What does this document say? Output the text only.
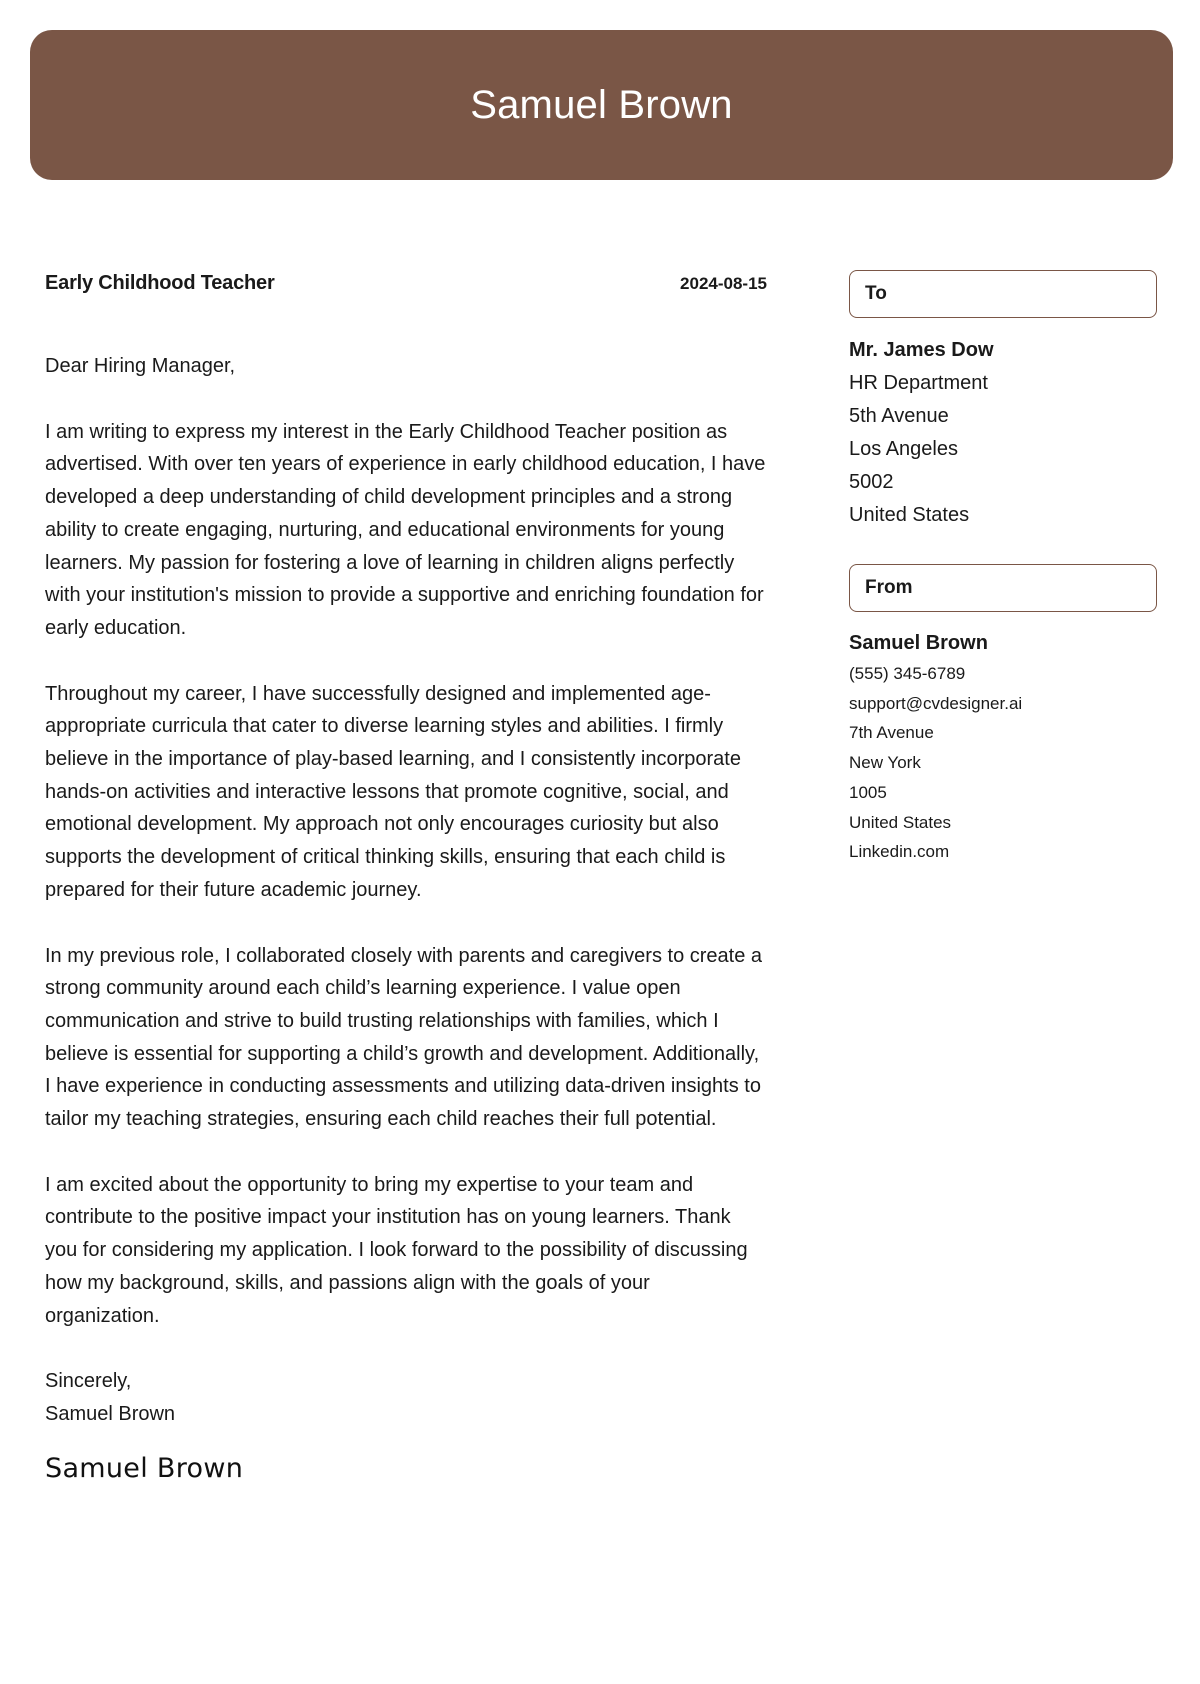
Samuel Brown
Early Childhood Teacher	2024-08-15

Dear Hiring Manager,

I am writing to express my interest in the Early Childhood Teacher position as advertised. With over ten years of experience in early childhood education, I have developed a deep understanding of child development principles and a strong ability to create engaging, nurturing, and educational environments for young learners. My passion for fostering a love of learning in children aligns perfectly with your institution's mission to provide a supportive and enriching foundation for early education.

Throughout my career, I have successfully designed and implemented age-appropriate curricula that cater to diverse learning styles and abilities. I firmly believe in the importance of play-based learning, and I consistently incorporate hands-on activities and interactive lessons that promote cognitive, social, and emotional development. My approach not only encourages curiosity but also supports the development of critical thinking skills, ensuring that each child is prepared for their future academic journey.

In my previous role, I collaborated closely with parents and caregivers to create a strong community around each child’s learning experience. I value open communication and strive to build trusting relationships with families, which I believe is essential for supporting a child’s growth and development. Additionally, I have experience in conducting assessments and utilizing data-driven insights to tailor my teaching strategies, ensuring each child reaches their full potential.

I am excited about the opportunity to bring my expertise to your team and contribute to the positive impact your institution has on young learners. Thank you for considering my application. I look forward to the possibility of discussing how my background, skills, and passions align with the goals of your organization.

Sincerely,
Samuel Brown
Samuel Brown
To
Mr. James Dow
HR Department
5th Avenue
Los Angeles
5002
United States
From
Samuel Brown
(555) 345-6789
support@cvdesigner.ai
7th Avenue
New York
1005
United States
Linkedin.com
